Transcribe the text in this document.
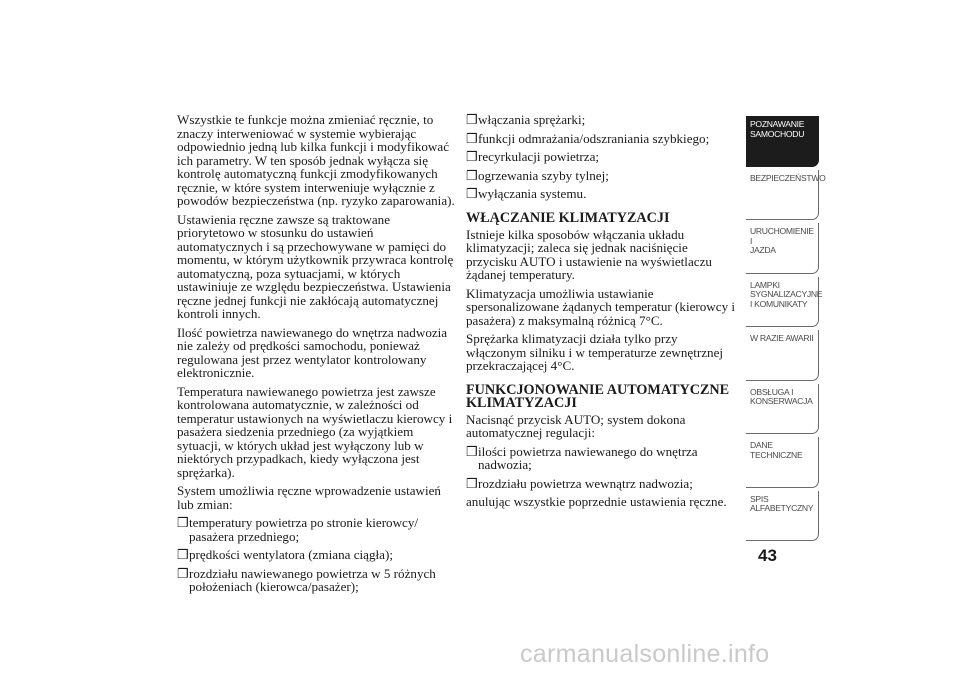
Wszystkie te funkcje można zmieniać ręcznie, to znaczy interweniować w systemie wybierając odpowiednio jedną lub kilka funkcji i modyfikować ich parametry. W ten sposób jednak wyłącza się kontrolę automatyczną funkcji zmodyfikowanych ręcznie, w które system interweniuje wyłącznie z powodów bezpieczeństwa (np. ryzyko zaparowania).

Ustawienia ręczne zawsze są traktowane priorytetowo w stosunku do ustawień automatycznych i są przechowywane w pamięci do momentu, w którym użytkownik przywraca kontrolę automatyczną, poza sytuacjami, w których ustawiniuje ze względu bezpieczeństwa. Ustawienia ręczne jednej funkcji nie zakłócają automatycznej kontroli innych.

Ilość powietrza nawiewanego do wnętrza nadwozia nie zależy od prędkości samochodu, ponieważ regulowana jest przez wentylator kontrolowany elektronicznie.

Temperatura nawiewanego powietrza jest zawsze kontrolowana automatycznie, w zależności od temperatur ustawionych na wyświetlaczu kierowcy i pasażera siedzenia przedniego (za wyjątkiem sytuacji, w których układ jest wyłączony lub w niektórych przypadkach, kiedy wyłączona jest sprężarka).

System umożliwia ręczne wprowadzenie ustawień lub zmian:

❒temperatury powietrza po stronie kierowcy/ pasażera przedniego;
❒prędkości wentylatora (zmiana ciągła);
❒rozdziału nawiewanego powietrza w 5 różnych położeniach (kierowca/pasażer);
❒włączania sprężarki;
❒funkcji odmrażania/odszraniania szybkiego;
❒recyrkulacji powietrza;
❒ogrzewania szyby tylnej;
❒wyłączania systemu.
WŁĄCZANIE KLIMATYZACJI

Istnieje kilka sposobów włączania układu klimatyzacji; zaleca się jednak naciśnięcie przycisku AUTO i ustawienie na wyświetlaczu żądanej temperatury.

Klimatyzacja umożliwia ustawianie spersonalizowane żądanych temperatur (kierowcy i pasażera) z maksymalną różnicą 7°C.

Sprężarka klimatyzacji działa tylko przy włączonym silniku i w temperaturze zewnętrznej przekraczającej 4°C.

FUNKCJONOWANIE AUTOMATYCZNE KLIMATYZACJI

Nacisnąć przycisk AUTO; system dokona automatycznej regulacji:

❒ilości powietrza nawiewanego do wnętrza nadwozia;
❒rozdziału powietrza wewnątrz nadwozia;

anulując wszystkie poprzednie ustawienia ręczne.

POZNAWANIE
SAMOCHODU
BEZPIECZEŃSTWO
URUCHOMIENIE I
JAZDA
LAMPKI
SYGNALIZACYJNE
I KOMUNIKATY
W RAZIE AWARII
OBSŁUGA I
KONSERWACJA
DANE
TECHNICZNE
SPIS
ALFABETYCZNY
43
carmanualsonline.info
